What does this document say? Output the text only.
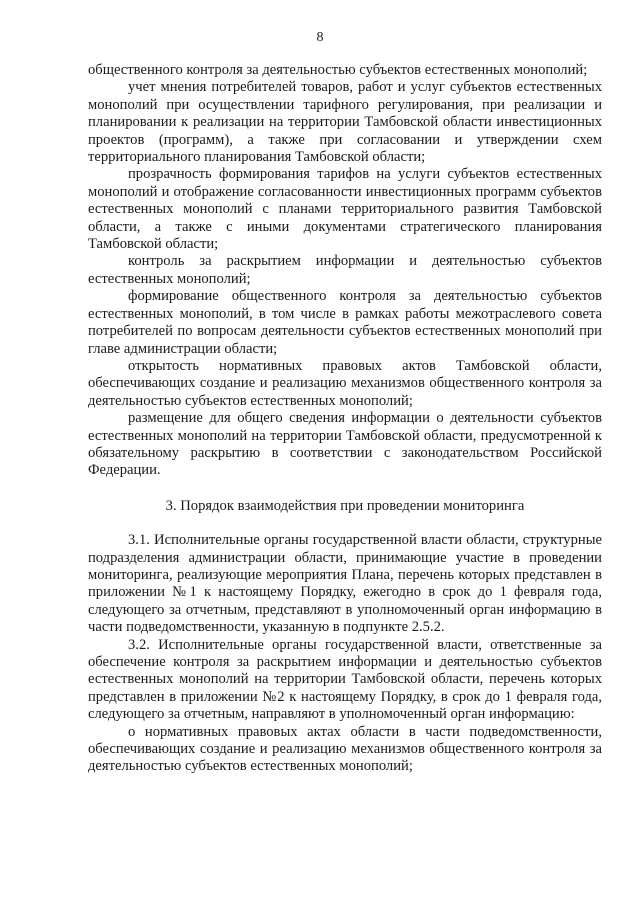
8

общественного контроля за деятельностью субъектов естественных монополий;

учет мнения потребителей товаров, работ и услуг субъектов естественных монополий при осуществлении тарифного регулирования, при реализации и планировании к реализации на территории Тамбовской области инвестиционных проектов (программ), а также при согласовании и утверждении схем территориального планирования Тамбовской области;

прозрачность формирования тарифов на услуги субъектов естественных монополий и отображение согласованности инвестиционных программ субъектов естественных монополий с планами территориального развития Тамбовской области, а также с иными документами стратегического планирования Тамбовской области;

контроль за раскрытием информации и деятельностью субъектов естественных монополий;

формирование общественного контроля за деятельностью субъектов естественных монополий, в том числе в рамках работы межотраслевого совета потребителей по вопросам деятельности субъектов естественных монополий при главе администрации области;

открытость нормативных правовых актов Тамбовской области, обеспечивающих создание и реализацию механизмов общественного контроля за деятельностью субъектов естественных монополий;

размещение для общего сведения информации о деятельности субъектов естественных монополий на территории Тамбовской области, предусмотренной к обязательному раскрытию в соответствии с законодательством Российской Федерации.

3. Порядок взаимодействия при проведении мониторинга

3.1. Исполнительные органы государственной власти области, структурные подразделения администрации области, принимающие участие в проведении мониторинга, реализующие мероприятия Плана, перечень которых представлен в приложении №1 к настоящему Порядку, ежегодно в срок до 1 февраля года, следующего за отчетным, представляют в уполномоченный орган информацию в части подведомственности, указанную в подпункте 2.5.2.

3.2. Исполнительные органы государственной власти, ответственные за обеспечение контроля за раскрытием информации и деятельностью субъектов естественных монополий на территории Тамбовской области, перечень которых представлен в приложении №2 к настоящему Порядку, в срок до 1 февраля года, следующего за отчетным, направляют в уполномоченный орган информацию:

о нормативных правовых актах области в части подведомственности, обеспечивающих создание и реализацию механизмов общественного контроля за деятельностью субъектов естественных монополий;
